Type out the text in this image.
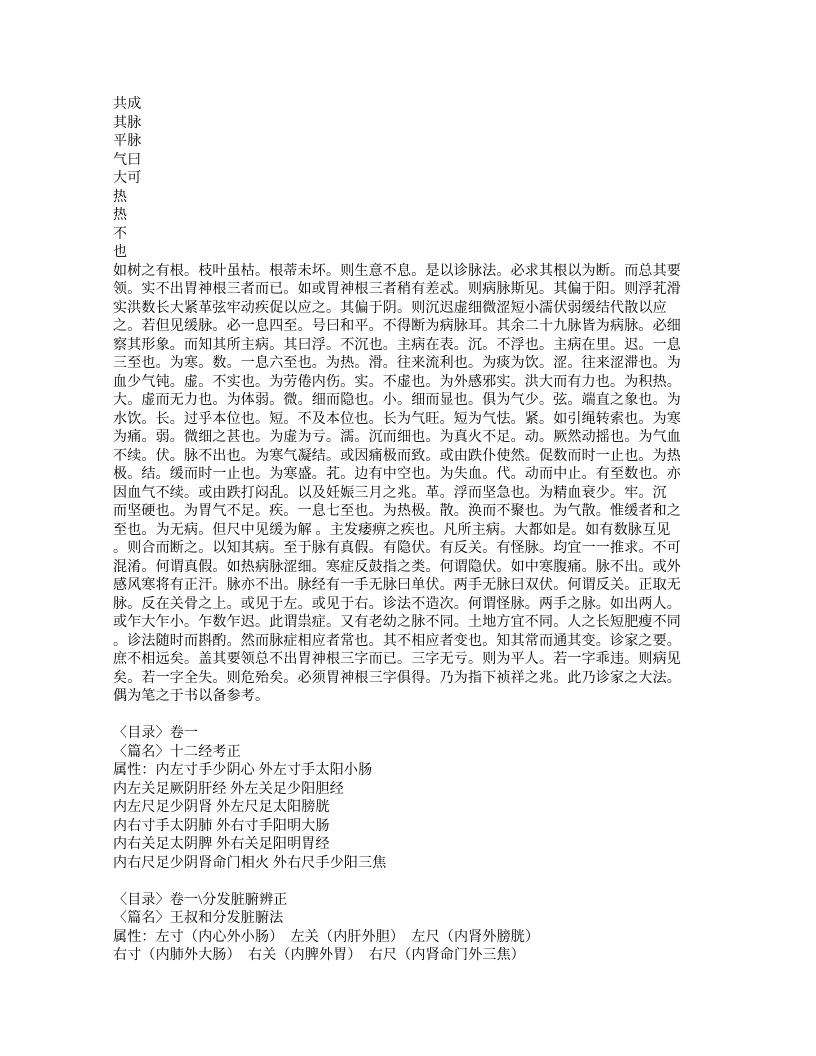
共成
其脉
平脉
气曰
大可
热
热
不
也
如树之有根。枝叶虽枯。根蒂未坏。则生意不息。是以诊脉法。必求其根以为断。而总其要
领。实不出胃神根三者而已。如或胃神根三者稍有差忒。则病脉斯见。其偏于阳。则浮芤滑
实洪数长大紧革弦牢动疾促以应之。其偏于阴。则沉迟虚细微涩短小濡伏弱缓结代散以应
之。若但见缓脉。必一息四至。号曰和平。不得断为病脉耳。其余二十九脉皆为病脉。必细
察其形象。而知其所主病。其曰浮。不沉也。主病在表。沉。不浮也。主病在里。迟。一息
三至也。为寒。数。一息六至也。为热。滑。往来流利也。为痰为饮。涩。往来涩滞也。为
血少气钝。虚。不实也。为劳倦内伤。实。不虚也。为外感邪实。洪大而有力也。为积热。
大。虚而无力也。为体弱。微。细而隐也。小。细而显也。俱为气少。弦。端直之象也。为
水饮。长。过乎本位也。短。不及本位也。长为气旺。短为气怯。紧。如引绳转索也。为寒
为痛。弱。微细之甚也。为虚为亏。濡。沉而细也。为真火不足。动。厥然动摇也。为气血
不续。伏。脉不出也。为寒气凝结。或因痛极而致。或由跌仆使然。促数而时一止也。为热
极。结。缓而时一止也。为寒盛。芤。边有中空也。为失血。代。动而中止。有至数也。亦
因血气不续。或由跌打闷乱。以及妊娠三月之兆。革。浮而坚急也。为精血衰少。牢。沉
而坚硬也。为胃气不足。疾。一息七至也。为热极。散。涣而不聚也。为气散。惟缓者和之
至也。为无病。但尺中见缓为解 。主发痿痹之疾也。凡所主病。大都如是。如有数脉互见
。则合而断之。以知其病。至于脉有真假。有隐伏。有反关。有怪脉。均宜一一推求。不可
混淆。何谓真假。如热病脉涩细。寒症反鼓指之类。何谓隐伏。如中寒腹痛。脉不出。或外
感风寒将有正汗。脉亦不出。脉经有一手无脉曰单伏。两手无脉曰双伏。何谓反关。正取无
脉。反在关骨之上。或见于左。或见于右。诊法不造次。何谓怪脉。两手之脉。如出两人。
或乍大乍小。乍数乍迟。此谓祟症。又有老幼之脉不同。土地方宜不同。人之长短肥瘦不同
。诊法随时而斟酌。然而脉症相应者常也。其不相应者变也。知其常而通其变。诊家之要。
庶不相远矣。盖其要领总不出胃神根三字而已。三字无亏。则为平人。若一字乖违。则病见
矣。若一字全失。则危殆矣。必须胃神根三字俱得。乃为指下祯祥之兆。此乃诊家之大法。
偶为笔之于书以备参考。
〈目录〉卷一
〈篇名〉十二经考正
属性：内左寸手少阴心 外左寸手太阳小肠
内左关足厥阴肝经 外左关足少阳胆经
内左尺足少阴肾 外左尺足太阳膀胱
内右寸手太阴肺 外右寸手阳明大肠
内右关足太阴脾 外右关足阳明胃经
内右尺足少阴肾命门相火 外右尺手少阳三焦
〈目录〉卷一\分发脏腑辨正
〈篇名〉王叔和分发脏腑法
属性：左寸（内心外小肠）　左关（内肝外胆）　左尺（内肾外膀胱）
右寸（内肺外大肠）　右关（内脾外胃）　右尺（内肾命门外三焦）
